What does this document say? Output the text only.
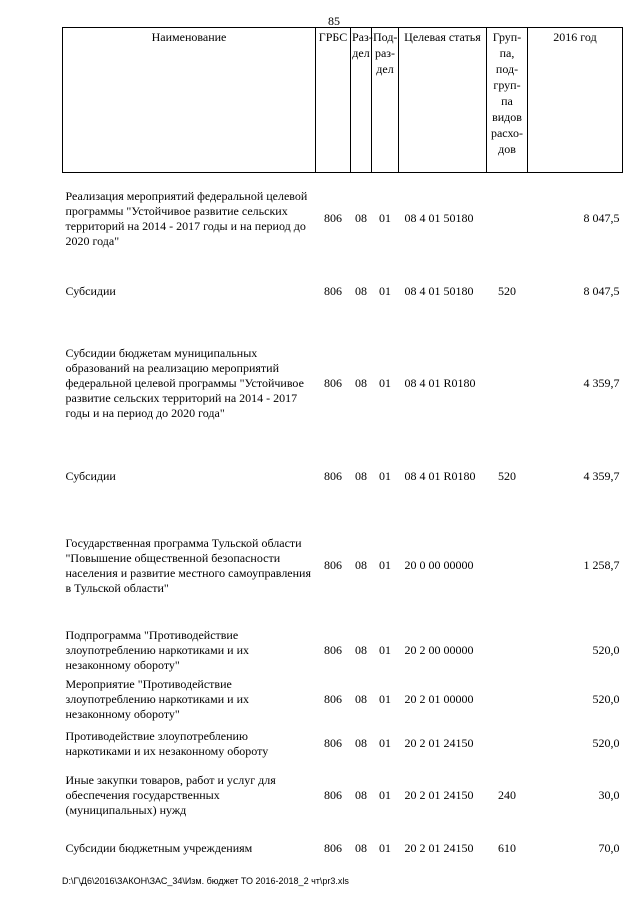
85
Наименование	ГРБС	Раз-дел	Под-раз-дел	Целевая статья	Груп-па, под-груп-па видов расхо-дов	2016 год
Реализация мероприятий федеральной целевой программы "Устойчивое развитие сельских территорий на 2014 - 2017 годы и на период до 2020 года"	806	08	01	08 4 01 50180		8 047,5
Субсидии	806	08	01	08 4 01 50180	520	8 047,5
Субсидии бюджетам муниципальных образований на реализацию мероприятий федеральной целевой программы "Устойчивое развитие сельских территорий на 2014 - 2017 годы и на период до 2020 года"	806	08	01	08 4 01 R0180		4 359,7
Субсидии	806	08	01	08 4 01 R0180	520	4 359,7
Государственная программа Тульской области "Повышение общественной безопасности населения и развитие местного самоуправления в Тульской области"	806	08	01	20 0 00 00000		1 258,7
Подпрограмма "Противодействие злоупотреблению наркотиками и их незаконному обороту"	806	08	01	20 2 00 00000		520,0
Мероприятие "Противодействие злоупотреблению наркотиками и их незаконному обороту"	806	08	01	20 2 01 00000		520,0
Противодействие злоупотреблению наркотиками и их незаконному обороту	806	08	01	20 2 01 24150		520,0
Иные закупки товаров, работ и услуг для обеспечения государственных (муниципальных) нужд	806	08	01	20 2 01 24150	240	30,0
Субсидии бюджетным учреждениям	806	08	01	20 2 01 24150	610	70,0
D:\Г\Д6\2016\ЗАКОН\ЗАС_34\Изм. бюджет ТО 2016-2018_2 чт\pr3.xls
